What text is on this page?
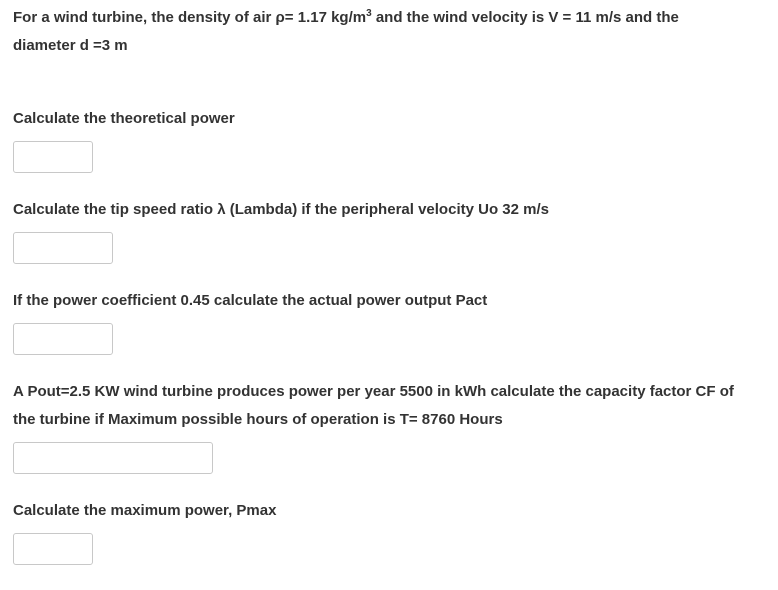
For a wind turbine, the density of air ρ= 1.17 $kg/m^3$ and the wind velocity is V = 11 m/s and the
diameter d =3 m
Calculate the theoretical power
Calculate the tip speed ratio λ (Lambda) if the peripheral velocity Uo 32 m/s
If the power coefficient 0.45 calculate the actual power output Pact
A Pout=2.5 KW wind turbine produces power per year 5500 in kWh calculate the capacity factor CF of
the turbine if Maximum possible hours of operation is T= 8760 Hours
Calculate the maximum power, Pmax
